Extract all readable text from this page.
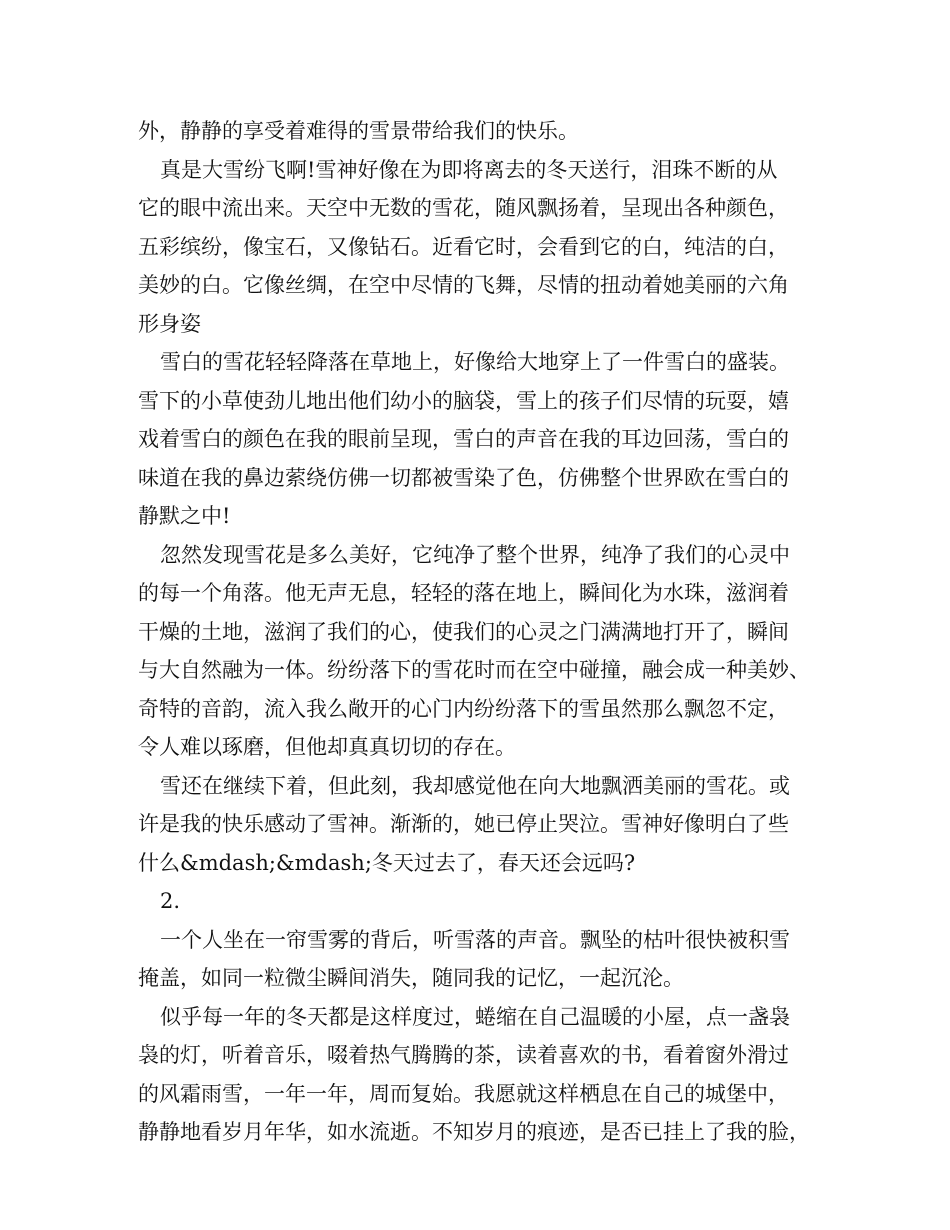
外，静静的享受着难得的雪景带给我们的快乐。
真是大雪纷飞啊!雪神好像在为即将离去的冬天送行，泪珠不断的从
它的眼中流出来。天空中无数的雪花，随风飘扬着，呈现出各种颜色，
五彩缤纷，像宝石，又像钻石。近看它时，会看到它的白，纯洁的白，
美妙的白。它像丝绸，在空中尽情的飞舞，尽情的扭动着她美丽的六角
形身姿
雪白的雪花轻轻降落在草地上，好像给大地穿上了一件雪白的盛装。
雪下的小草使劲儿地出他们幼小的脑袋，雪上的孩子们尽情的玩耍，嬉
戏着雪白的颜色在我的眼前呈现，雪白的声音在我的耳边回荡，雪白的
味道在我的鼻边萦绕仿佛一切都被雪染了色，仿佛整个世界欧在雪白的
静默之中!
忽然发现雪花是多么美好，它纯净了整个世界，纯净了我们的心灵中
的每一个角落。他无声无息，轻轻的落在地上，瞬间化为水珠，滋润着
干燥的土地，滋润了我们的心，使我们的心灵之门满满地打开了，瞬间
与大自然融为一体。纷纷落下的雪花时而在空中碰撞，融会成一种美妙、
奇特的音韵，流入我么敞开的心门内纷纷落下的雪虽然那么飘忽不定，
令人难以琢磨，但他却真真切切的存在。
雪还在继续下着，但此刻，我却感觉他在向大地飘洒美丽的雪花。或
许是我的快乐感动了雪神。渐渐的，她已停止哭泣。雪神好像明白了些
什么&mdash;&mdash;冬天过去了，春天还会远吗?
2.
一个人坐在一帘雪雾的背后，听雪落的声音。飘坠的枯叶很快被积雪
掩盖，如同一粒微尘瞬间消失，随同我的记忆，一起沉沦。
似乎每一年的冬天都是这样度过，蜷缩在自己温暖的小屋，点一盏袅
袅的灯，听着音乐，啜着热气腾腾的茶，读着喜欢的书，看着窗外滑过
的风霜雨雪，一年一年，周而复始。我愿就这样栖息在自己的城堡中，
静静地看岁月年华，如水流逝。不知岁月的痕迹，是否已挂上了我的脸，
